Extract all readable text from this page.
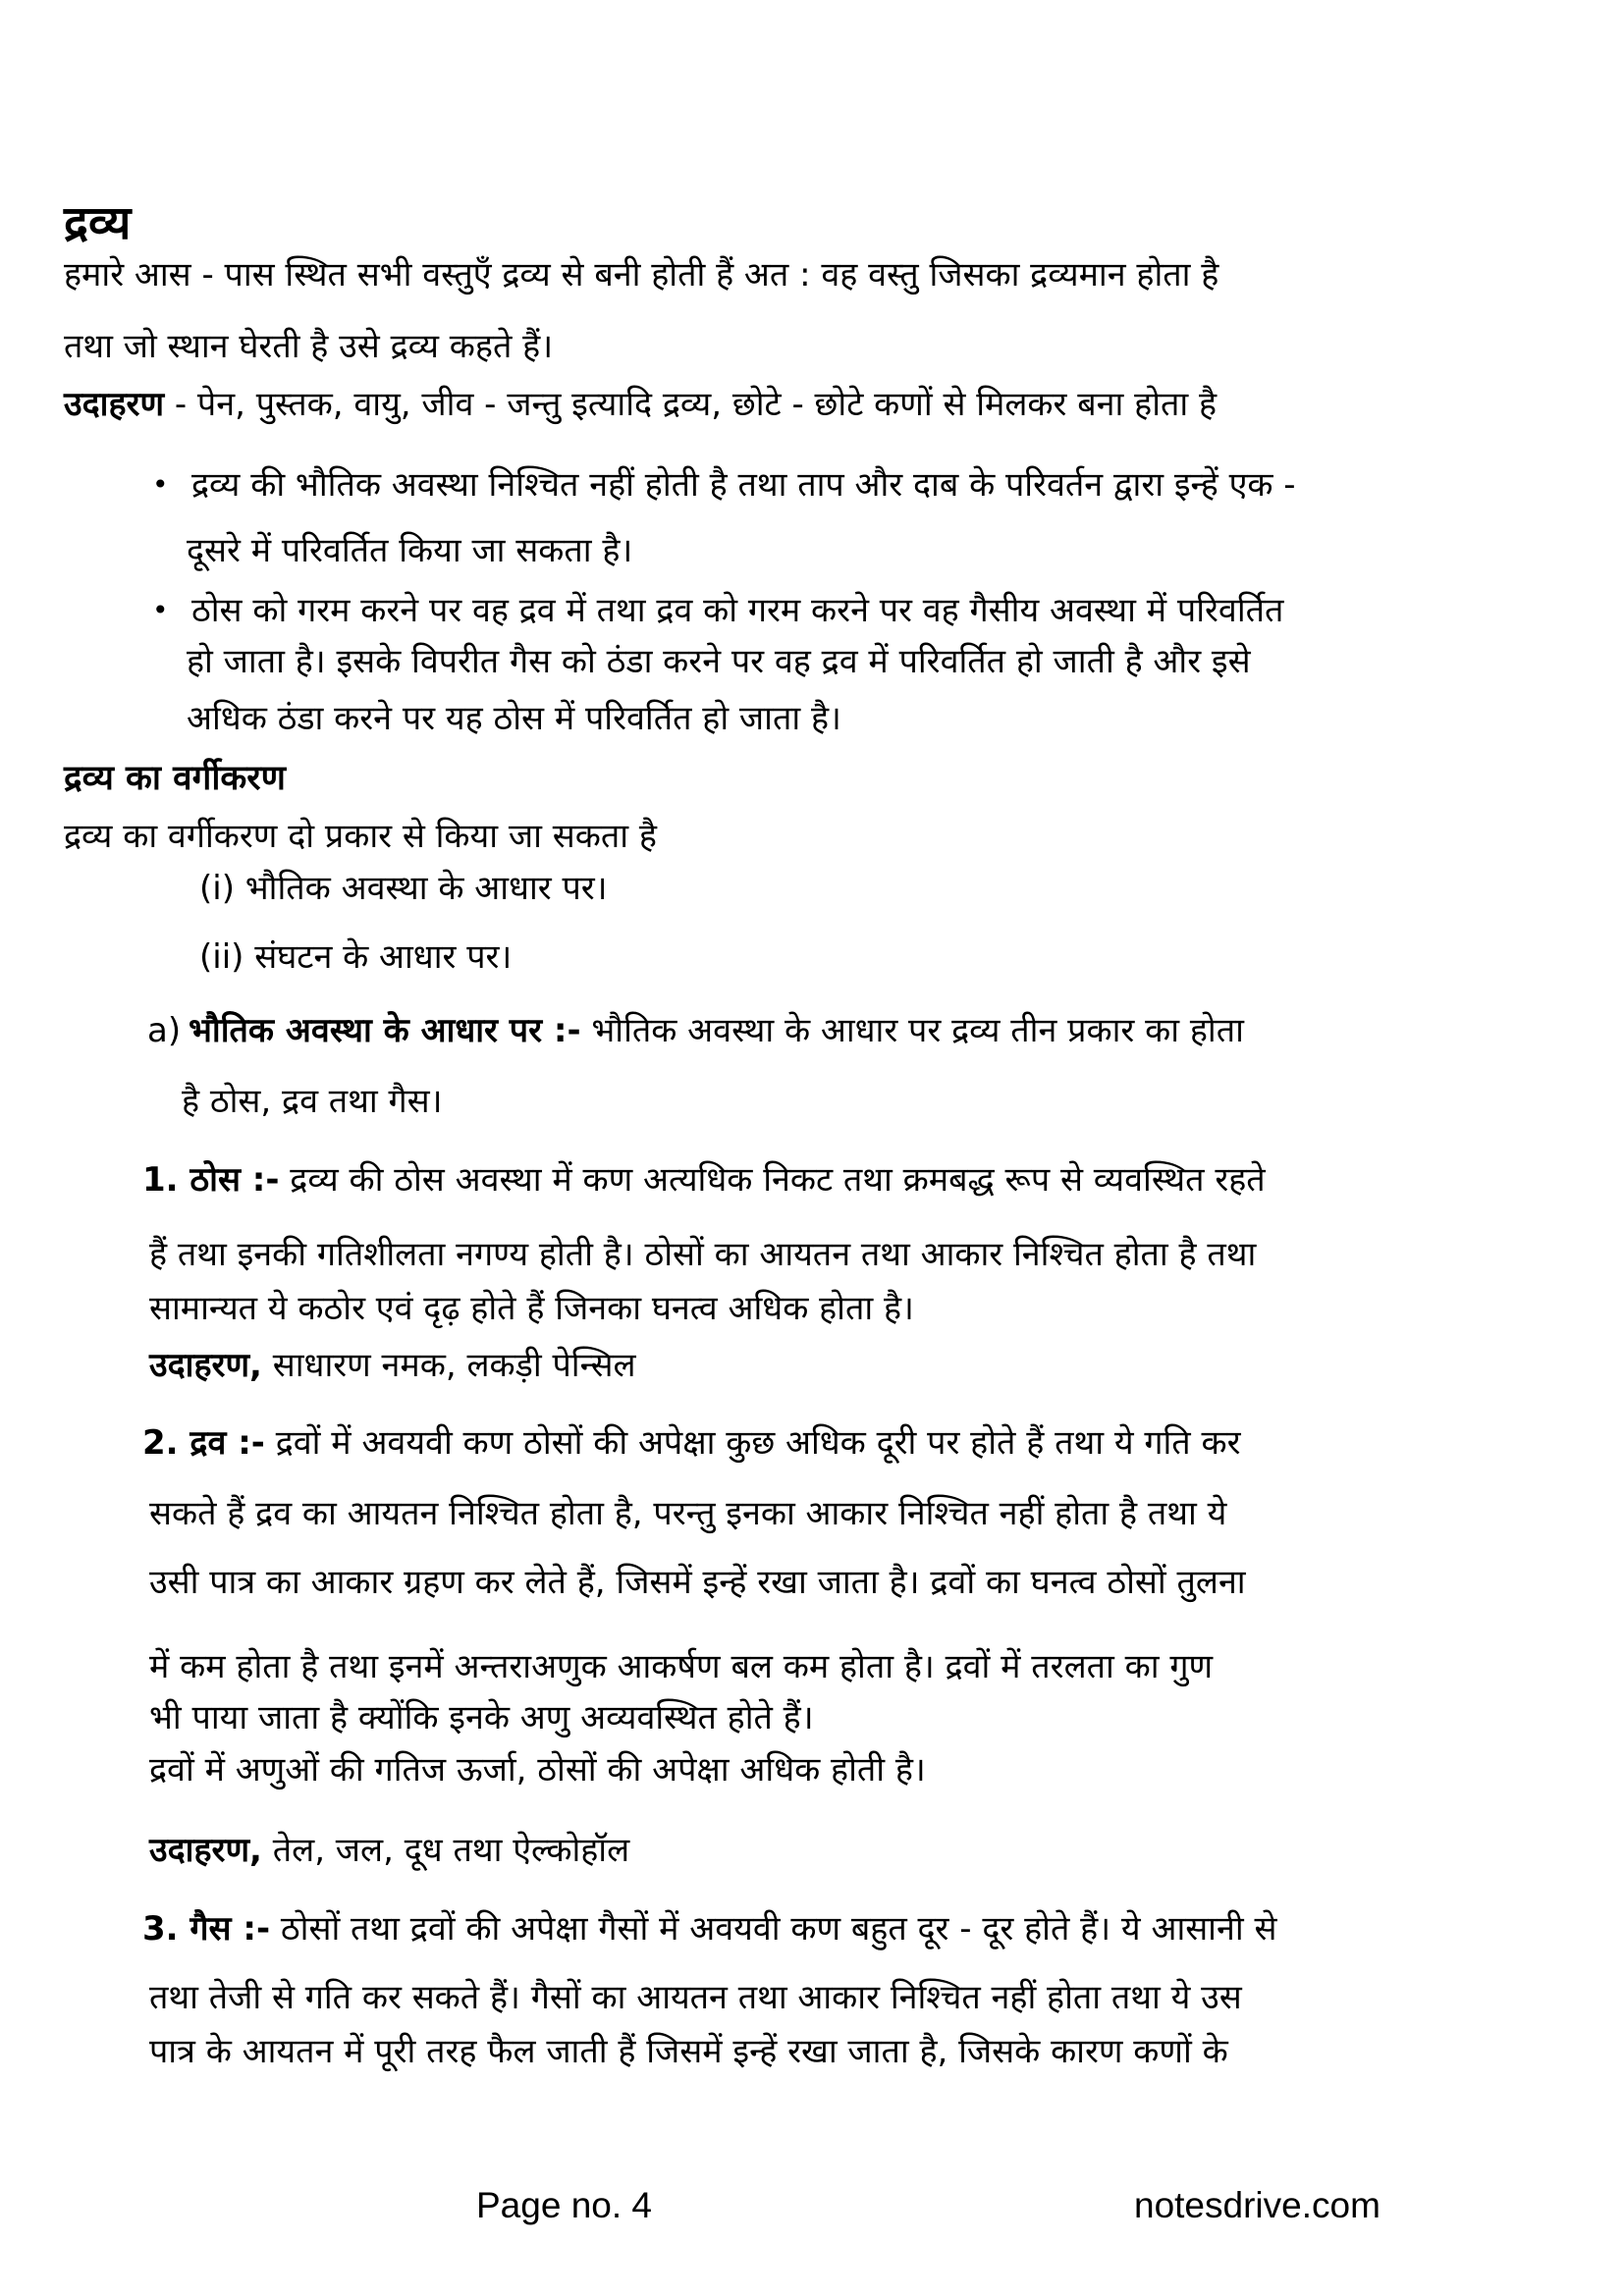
द्रव्य
हमारे आस - पास स्थित सभी वस्तुएँ द्रव्य से बनी होती हैं अत : वह वस्तु जिसका द्रव्यमान होता है
तथा जो स्थान घेरती है उसे द्रव्य कहते हैं।
उदाहरण - पेन, पुस्तक, वायु, जीव - जन्तु इत्यादि द्रव्य, छोटे - छोटे कणों से मिलकर बना होता है
• द्रव्य की भौतिक अवस्था निश्चित नहीं होती है तथा ताप और दाब के परिवर्तन द्वारा इन्हें एक -
दूसरे में परिवर्तित किया जा सकता है।
• ठोस को गरम करने पर वह द्रव में तथा द्रव को गरम करने पर वह गैसीय अवस्था में परिवर्तित
हो जाता है। इसके विपरीत गैस को ठंडा करने पर वह द्रव में परिवर्तित हो जाती है और इसे
अधिक ठंडा करने पर यह ठोस में परिवर्तित हो जाता है।
द्रव्य का वर्गीकरण
द्रव्य का वर्गीकरण दो प्रकार से किया जा सकता है
(i) भौतिक अवस्था के आधार पर।
(ii) संघटन के आधार पर।
a) भौतिक अवस्था के आधार पर :- भौतिक अवस्था के आधार पर द्रव्य तीन प्रकार का होता
है ठोस, द्रव तथा गैस।
1. ठोस :- द्रव्य की ठोस अवस्था में कण अत्यधिक निकट तथा क्रमबद्ध रूप से व्यवस्थित रहते
हैं तथा इनकी गतिशीलता नगण्य होती है। ठोसों का आयतन तथा आकार निश्चित होता है तथा
सामान्यत ये कठोर एवं दृढ़ होते हैं जिनका घनत्व अधिक होता है।
उदाहरण, साधारण नमक, लकड़ी पेन्सिल
2. द्रव :- द्रवों में अवयवी कण ठोसों की अपेक्षा कुछ अधिक दूरी पर होते हैं तथा ये गति कर
सकते हैं द्रव का आयतन निश्चित होता है, परन्तु इनका आकार निश्चित नहीं होता है तथा ये
उसी पात्र का आकार ग्रहण कर लेते हैं, जिसमें इन्हें रखा जाता है। द्रवों का घनत्व ठोसों तुलना
में कम होता है तथा इनमें अन्तराअणुक आकर्षण बल कम होता है। द्रवों में तरलता का गुण
भी पाया जाता है क्योंकि इनके अणु अव्यवस्थित होते हैं।
द्रवों में अणुओं की गतिज ऊर्जा, ठोसों की अपेक्षा अधिक होती है।
उदाहरण, तेल, जल, दूध तथा ऐल्कोहॉल
3. गैस :- ठोसों तथा द्रवों की अपेक्षा गैसों में अवयवी कण बहुत दूर - दूर होते हैं। ये आसानी से
तथा तेजी से गति कर सकते हैं। गैसों का आयतन तथा आकार निश्चित नहीं होता तथा ये उस
पात्र के आयतन में पूरी तरह फैल जाती हैं जिसमें इन्हें रखा जाता है, जिसके कारण कणों के
Page no. 4	notesdrive.com
